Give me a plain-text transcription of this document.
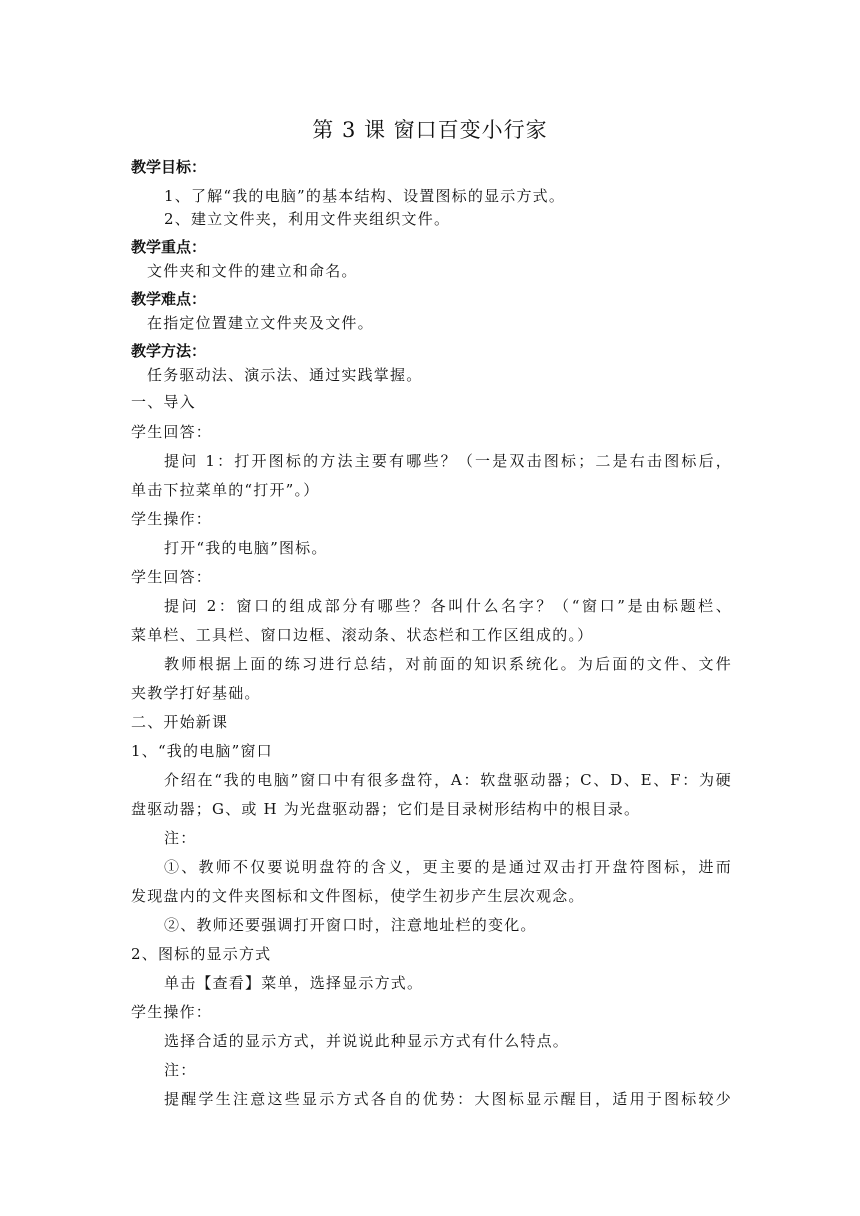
第 3 课 窗口百变小行家
教学目标：
1、了解“我的电脑”的基本结构、设置图标的显示方式。
2、建立文件夹，利用文件夹组织文件。
教学重点：
文件夹和文件的建立和命名。
教学难点：
在指定位置建立文件夹及文件。
教学方法：
任务驱动法、演示法、通过实践掌握。
一、导入
学生回答：
提问 1：打开图标的方法主要有哪些？（一是双击图标；二是右击图标后，
单击下拉菜单的“打开”。）
学生操作：
打开“我的电脑”图标。
学生回答：
提问 2：窗口的组成部分有哪些？各叫什么名字？（“窗口”是由标题栏、
菜单栏、工具栏、窗口边框、滚动条、状态栏和工作区组成的。）
教师根据上面的练习进行总结，对前面的知识系统化。为后面的文件、文件
夹教学打好基础。
二、开始新课
1、“我的电脑”窗口
介绍在“我的电脑”窗口中有很多盘符，A：软盘驱动器；C、D、E、F：为硬
盘驱动器；G、或 H 为光盘驱动器；它们是目录树形结构中的根目录。
注：
①、教师不仅要说明盘符的含义，更主要的是通过双击打开盘符图标，进而
发现盘内的文件夹图标和文件图标，使学生初步产生层次观念。
②、教师还要强调打开窗口时，注意地址栏的变化。
2、图标的显示方式
单击【查看】菜单，选择显示方式。
学生操作：
选择合适的显示方式，并说说此种显示方式有什么特点。
注：
提醒学生注意这些显示方式各自的优势：大图标显示醒目，适用于图标较少
